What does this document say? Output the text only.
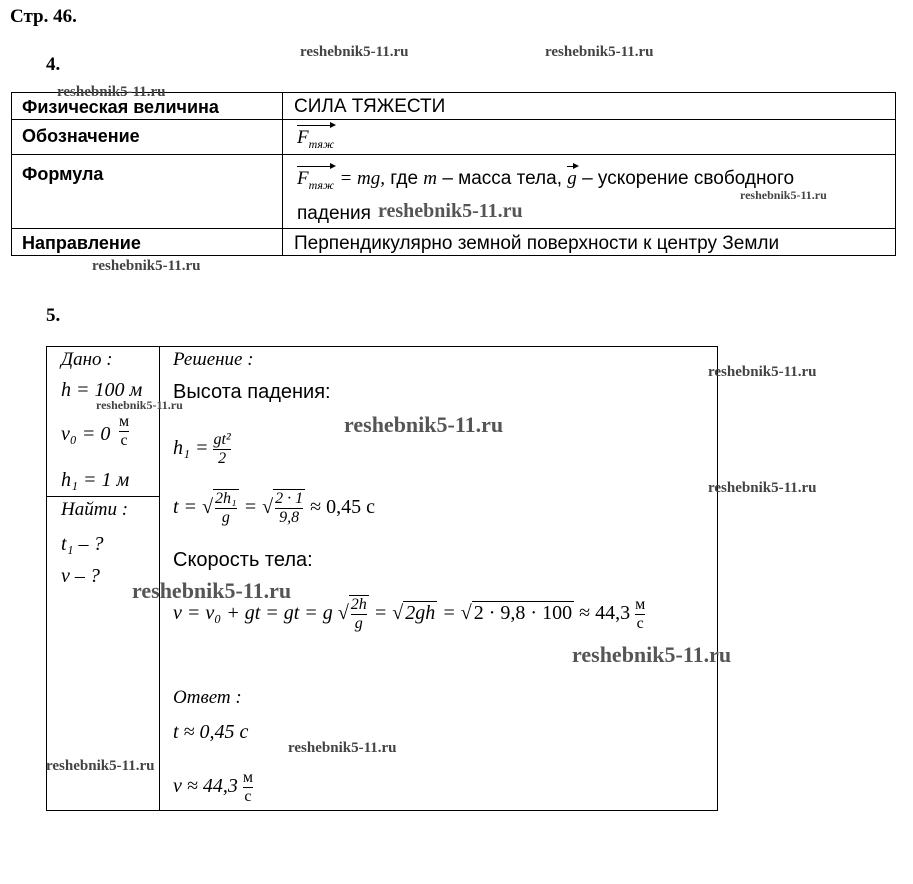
Стр. 46.
4.
Физическая величина	СИЛА ТЯЖЕСТИ
Обозначение	$F_{тяж}$
Формула	$F_{тяж}$ = mg, где m – масса тела, g – ускорение свободного
падения
Направление	Перпендикулярно земной поверхности к центру Земли
5.
Дано :
h = 100 м
$v_0 = 0 \frac{м}{с}$
h₁ = 1 м
Найти :
t₁ – ?
v – ?
Решение :
Высота падения:
$h_1 = \frac{\text{gt²}}{2}$
t = √ $\frac{\text{2h₁}}{g}$ = √ $\frac{2 \cdot 1}{9,8} \approx 0,45$ с
Скорость тела:
v = v₀ + gt = gt = g √ $\frac{2h}{g}$ = √ 2gh = √ $2 \cdot 9,8 \cdot 100 \approx 44,3 \frac{м}{с}$
Ответ :
t ≈ 0,45 с
$v \approx 44,3 \frac{м}{с}$
reshebnik5-11.ru	reshebnik5-11.ru
reshebnik5-11.ru
reshebnik5-11.ru
reshebnik5-11.ru
reshebnik5-11.ru
reshebnik5-11.ru
reshebnik5-11.ru
reshebnik5-11.ru
reshebnik5-11.ru
reshebnik5-11.ru
reshebnik5-11.ru
reshebnik5-11.ru
reshebnik5-11.ru
